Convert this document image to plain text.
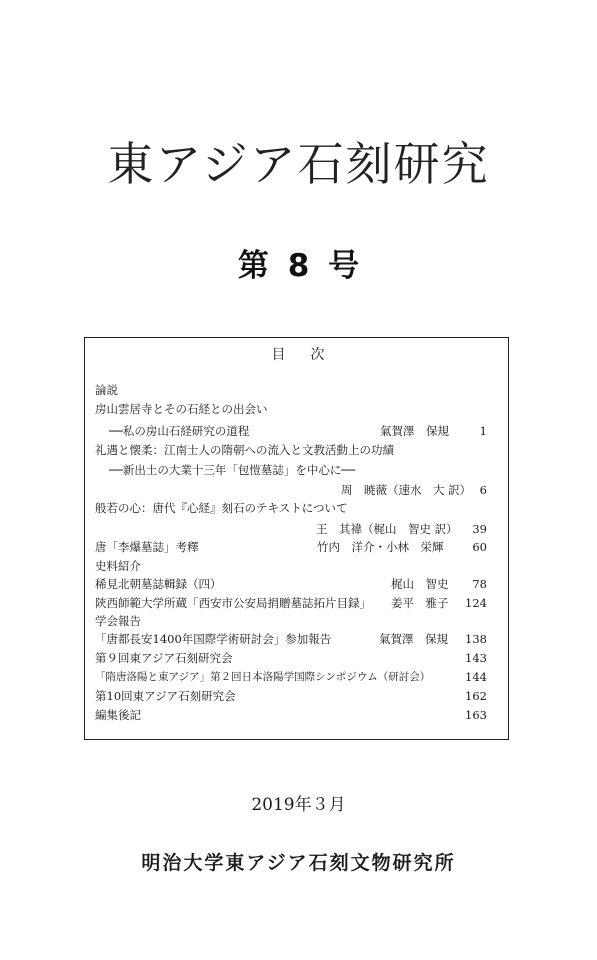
東アジア石刻研究
第 8 号
目 次
論説
房山雲居寺とその石経との出会い
──私の房山石経研究の道程	氣賀澤　保規	1
礼遇と懐柔：江南士人の隋朝への流入と文教活動上の功績
──新出土の大業十三年「包愷墓誌」を中心に──
周　暁薇（速水　大 訳） 6
般若の心：唐代『心経』刻石のテキストについて
王　其禕（梶山　智史 訳） 39
唐「李爆墓誌」考釋	竹内　洋介・小林　栄輝	60
史料紹介
稀見北朝墓誌輯録（四）	梶山　智史 78
陝西師範大学所蔵「西安市公安局捐贈墓誌拓片目録」 姜平　雅子 124
学会報告
「唐都長安1400年国際学術研討会」参加報告	氣賀澤　保規 138
第９回東アジア石刻研究会	143
「隋唐洛陽と東アジア」第２回日本洛陽学国際シンポジウム（研討会）	144
第10回東アジア石刻研究会	162
編集後記	163
2019年３月
明治大学東アジア石刻文物研究所
